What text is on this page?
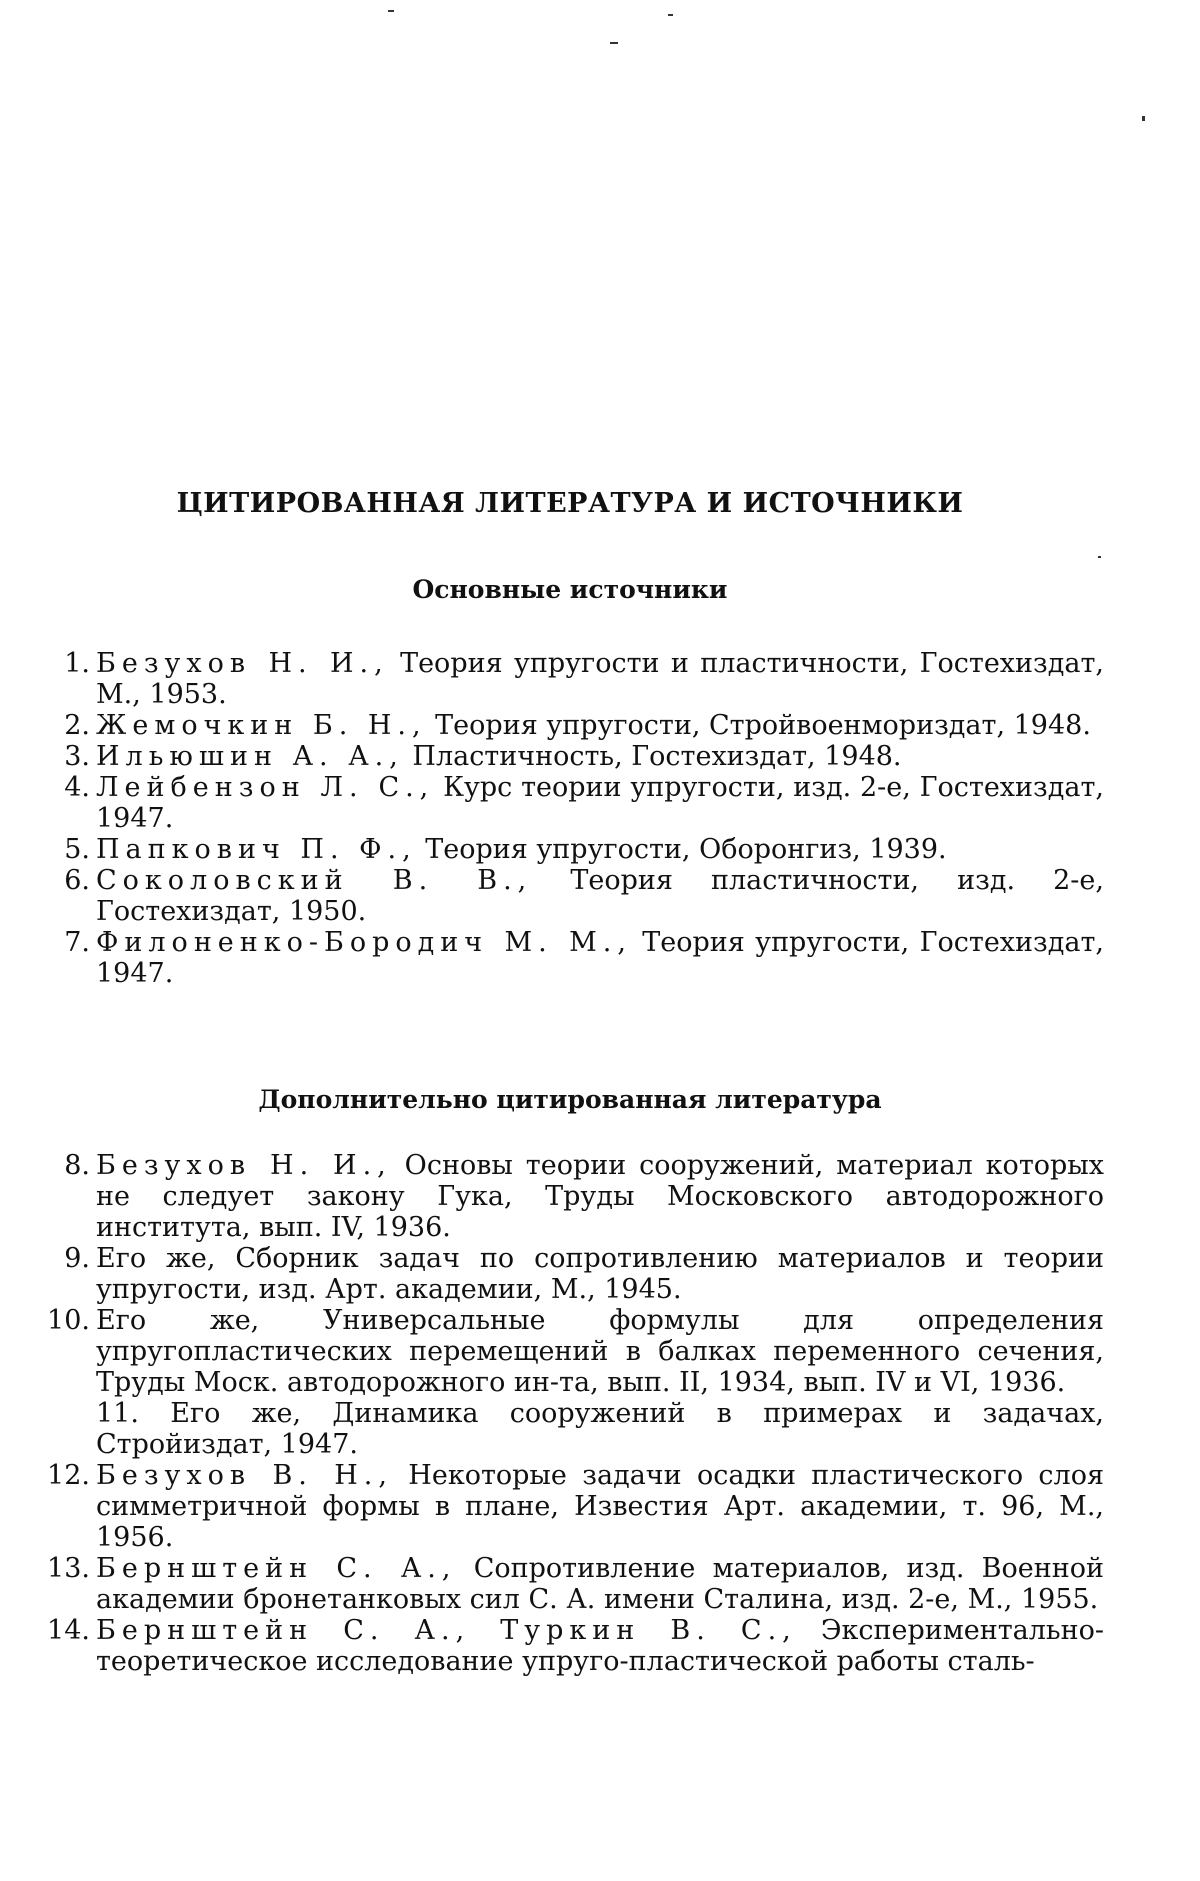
ЦИТИРОВАННАЯ ЛИТЕРАТУРА И ИСТОЧНИКИ
Основные источники
1. Безухов Н. И., Теория упругости и пластичности, Гостехиздат, М., 1953.
2. Жемочкин Б. Н., Теория упругости, Стройвоенмориздат, 1948.
3. Ильюшин А. А., Пластичность, Гостехиздат, 1948.
4. Лейбензон Л. С., Курс теории упругости, изд. 2-е, Гостехиздат, 1947.
5. Папкович П. Ф., Теория упругости, Оборонгиз, 1939.
6. Соколовский В. В., Теория пластичности, изд. 2-е, Гостехиздат, 1950.
7. Филоненко-Бородич М. М., Теория упругости, Гостехиздат, 1947.
Дополнительно цитированная литература
8. Безухов Н. И., Основы теории сооружений, материал которых не следует закону Гука, Труды Московского автодорожного института, вып. IV, 1936.
9. Его же, Сборник задач по сопротивлению материалов и теории упругости, изд. Арт. академии, М., 1945.
10. Его же, Универсальные формулы для определения упругопластических перемещений в балках переменного сечения, Труды Моск. автодорожного ин-та, вып. II, 1934, вып. IV и VI, 1936.
11. Его же, Динамика сооружений в примерах и задачах, Стройиздат, 1947.
12. Безухов В. Н., Некоторые задачи осадки пластического слоя симметричной формы в плане, Известия Арт. академии, т. 96, М., 1956.
13. Бернштейн С. А., Сопротивление материалов, изд. Военной академии бронетанковых сил С. А. имени Сталина, изд. 2-е, М., 1955.
14. Бернштейн С. А., Туркин В. С., Экспериментально-теоретическое исследование упруго-пластической работы сталь-
